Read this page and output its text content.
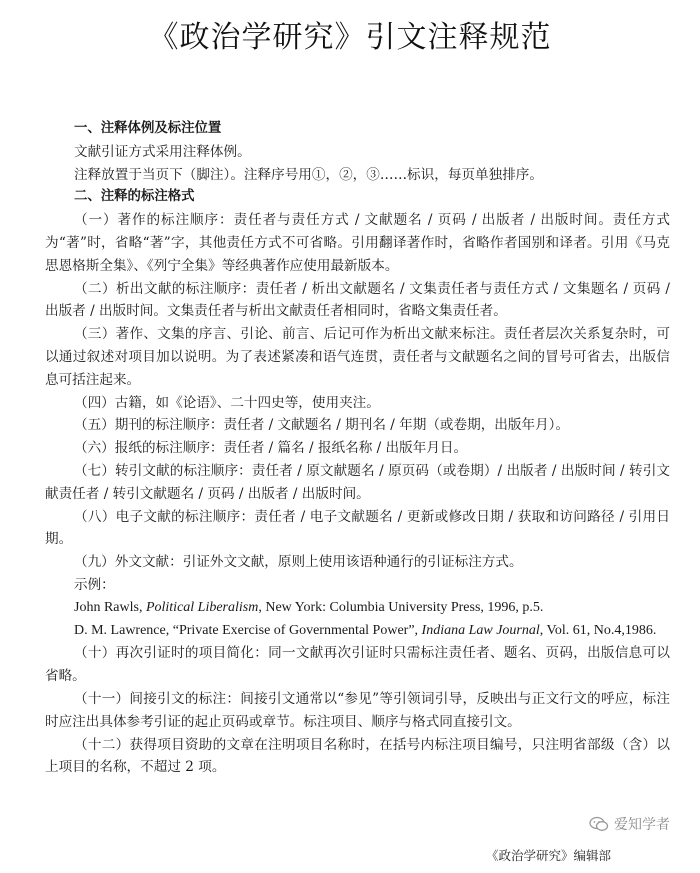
《政治学研究》引文注释规范

一、注释体例及标注位置

文献引证方式采用注释体例。

注释放置于当页下（脚注）。注释序号用①，②，③……标识，每页单独排序。

二、注释的标注格式

（一）著作的标注顺序：责任者与责任方式 / 文献题名 / 页码 / 出版者 / 出版时间。责任方式为“著”时，省略“著”字，其他责任方式不可省略。引用翻译著作时，省略作者国别和译者。引用《马克思恩格斯全集》、《列宁全集》等经典著作应使用最新版本。

（二）析出文献的标注顺序：责任者 / 析出文献题名 / 文集责任者与责任方式 / 文集题名 / 页码 / 出版者 / 出版时间。文集责任者与析出文献责任者相同时，省略文集责任者。

（三）著作、文集的序言、引论、前言、后记可作为析出文献来标注。责任者层次关系复杂时，可以通过叙述对项目加以说明。为了表述紧凑和语气连贯，责任者与文献题名之间的冒号可省去，出版信息可括注起来。

（四）古籍，如《论语》、二十四史等，使用夹注。

（五）期刊的标注顺序：责任者 / 文献题名 / 期刊名 / 年期（或卷期，出版年月）。

（六）报纸的标注顺序：责任者 / 篇名 / 报纸名称 / 出版年月日。

（七）转引文献的标注顺序：责任者 / 原文献题名 / 原页码（或卷期）/ 出版者 / 出版时间 / 转引文献责任者 / 转引文献题名 / 页码 / 出版者 / 出版时间。

（八）电子文献的标注顺序：责任者 / 电子文献题名 / 更新或修改日期 / 获取和访问路径 / 引用日期。

（九）外文文献：引证外文文献，原则上使用该语种通行的引证标注方式。

示例：

John Rawls, Political Liberalism, New York: Columbia University Press, 1996, p.5.

D. M. Lawrence, “Private Exercise of Governmental Power”, Indiana Law Journal, Vol. 61, No.4,1986.

（十）再次引证时的项目简化：同一文献再次引证时只需标注责任者、题名、页码，出版信息可以省略。

（十一）间接引文的标注：间接引文通常以“参见”等引领词引导，反映出与正文行文的呼应，标注时应注出具体参考引证的起止页码或章节。标注项目、顺序与格式同直接引文。

（十二）获得项目资助的文章在注明项目名称时，在括号内标注项目编号，只注明省部级（含）以上项目的名称，不超过 2 项。

爱知学者
《政治学研究》编辑部
